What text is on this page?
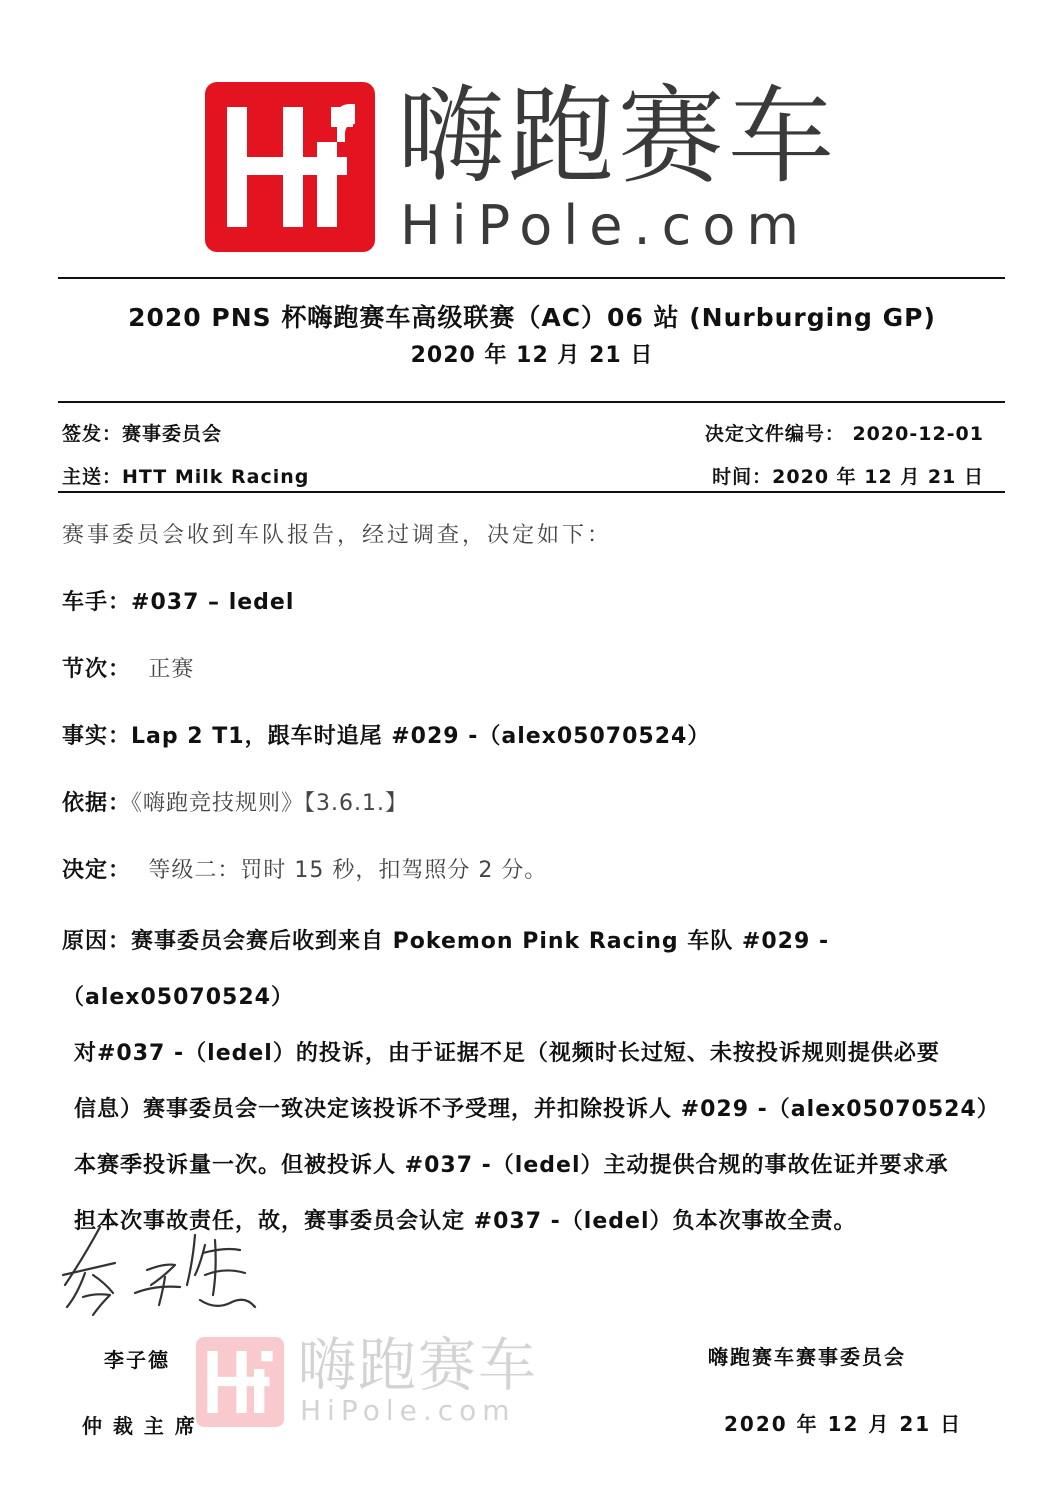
嗨跑赛车
HiPole.com
2020 PNS 杯嗨跑赛车高级联赛（AC）06 站 (Nurburging GP)
2020 年 12 月 21 日
签发：赛事委员会	决定文件编号： 2020-12-01
主送：HTT Milk Racing	时间：2020 年 12 月 21 日
赛事委员会收到车队报告，经过调查，决定如下：
车手：#037 – ledel
节次： 正赛
事实：Lap 2 T1，跟车时追尾 #029 -（alex05070524）
依据：《嗨跑竞技规则》【3.6.1.】
决定： 等级二：罚时 15 秒，扣驾照分 2 分。
原因：赛事委员会赛后收到来自 Pokemon Pink Racing 车队 #029 -（alex05070524）
对#037 -（ledel）的投诉，由于证据不足（视频时长过短、未按投诉规则提供必要
信息）赛事委员会一致决定该投诉不予受理，并扣除投诉人 #029 -（alex05070524）
本赛季投诉量一次。但被投诉人 #037 -（ledel）主动提供合规的事故佐证并要求承
担本次事故责任，故，赛事委员会认定 #037 -（ledel）负本次事故全责。
嗨跑赛车
HiPole.com
李子德
仲 裁 主 席
嗨跑赛车赛事委员会
2020 年 12 月 21 日
